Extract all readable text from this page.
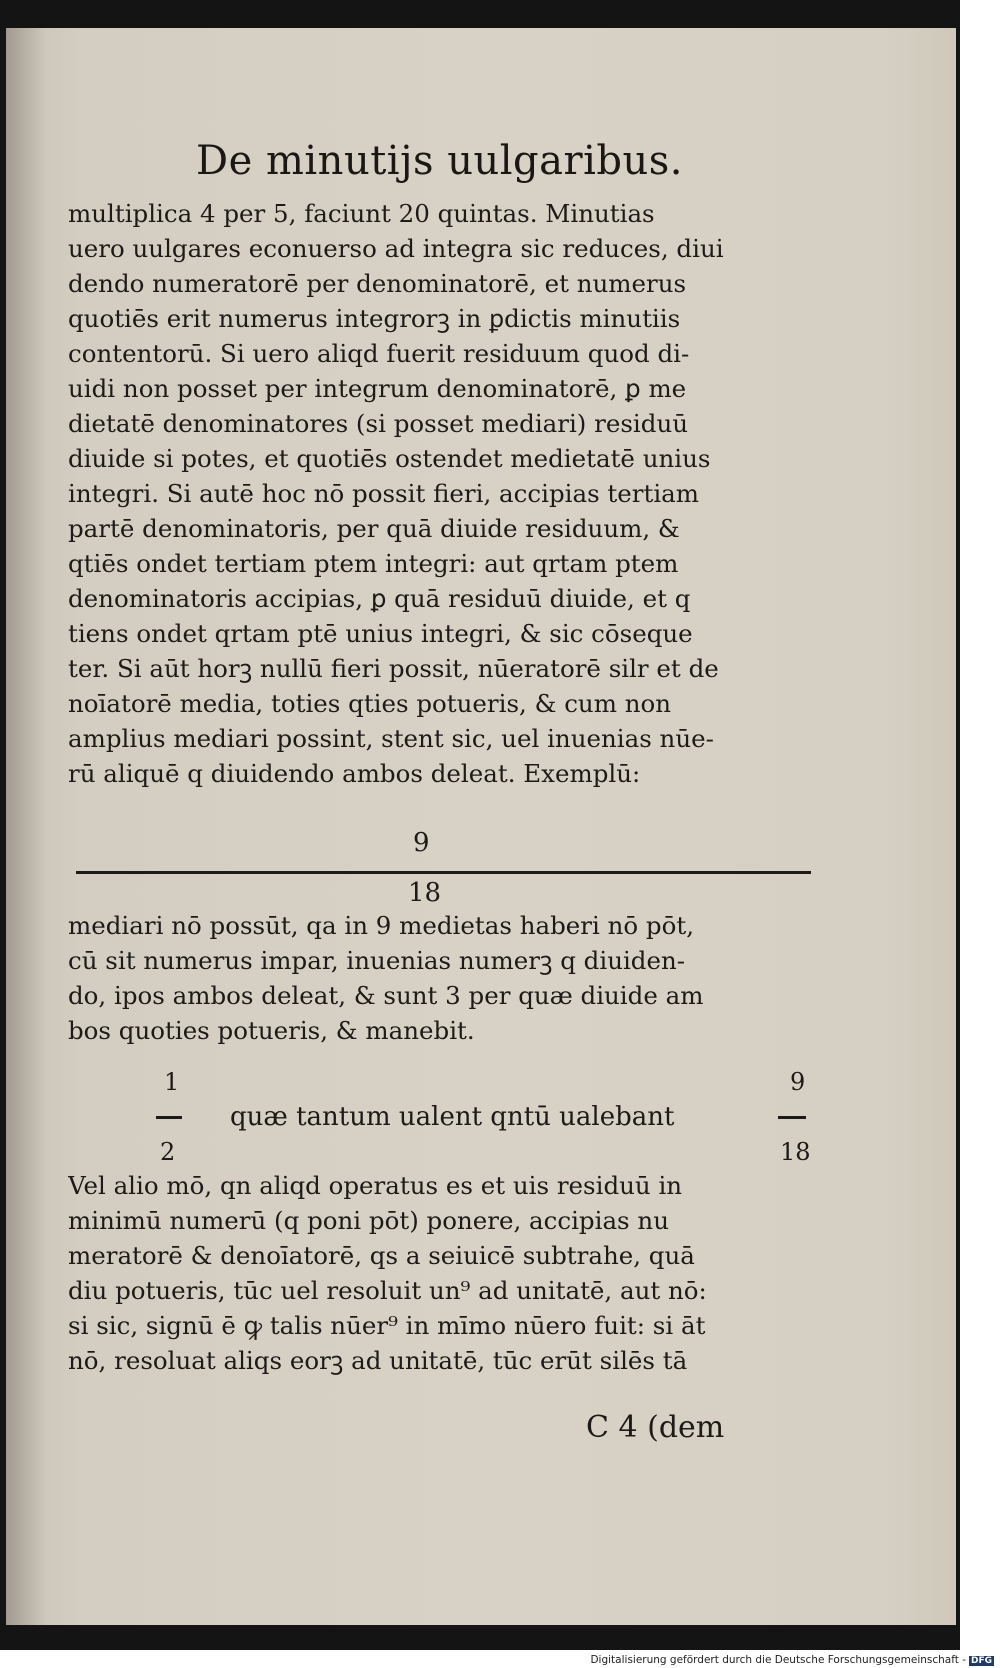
De minutijs uulgaribus.
multiplica 4 per 5, faciunt 20 quintas. Minutias
uero uulgares econuerso ad integra sic reduces, diui
dendo numeratorē per denominatorē, et numerus
quotiēs erit numerus integrorꝫ in ꝑdictis minutiis
contentorū. Si uero aliqd fuerit residuum quod di-
uidi non posset per integrum denominatorē, ꝑ me
dietatē denominatores (si posset mediari) residuū
diuide si potes, et quotiēs ostendet medietatē unius
integri. Si autē hoc nō possit fieri, accipias tertiam
partē denominatoris, per quā diuide residuum, &
qtiēs ondet tertiam ptem integri: aut qrtam ptem
denominatoris accipias, ꝑ quā residuū diuide, et q
tiens ondet qrtam ptē unius integri, & sic cōseque
ter. Si aūt horꝫ nullū fieri possit, nūeratorē silr et de
noīatorē media, toties qties potueris, & cum non
amplius mediari possint, stent sic, uel inuenias nūe-
rū aliquē q diuidendo ambos deleat. Exemplū:
9
18
mediari nō possūt, qa in 9 medietas haberi nō pōt,
cū sit numerus impar, inuenias numerꝫ q diuiden-
do, ipos ambos deleat, & sunt 3 per quæ diuide am
bos quoties potueris, & manebit.
1
2
quæ tantum ualent qntū ualebant
9
18
Vel alio mō, qn aliqd operatus es et uis residuū in
minimū numerū (q poni pōt) ponere, accipias nu
meratorē & denoīatorē, qs a seiuicē subtrahe, quā
diu potueris, tūc uel resoluit un⁹ ad unitatē, aut nō:
si sic, signū ē ꝙ talis nūer⁹ in mīmo nūero fuit: si āt
nō, resoluat aliqs eorꝫ ad unitatē, tūc erūt silēs tā
C 4 (dem
Digitalisierung gefördert durch die Deutsche Forschungsgemeinschaft - DFG
